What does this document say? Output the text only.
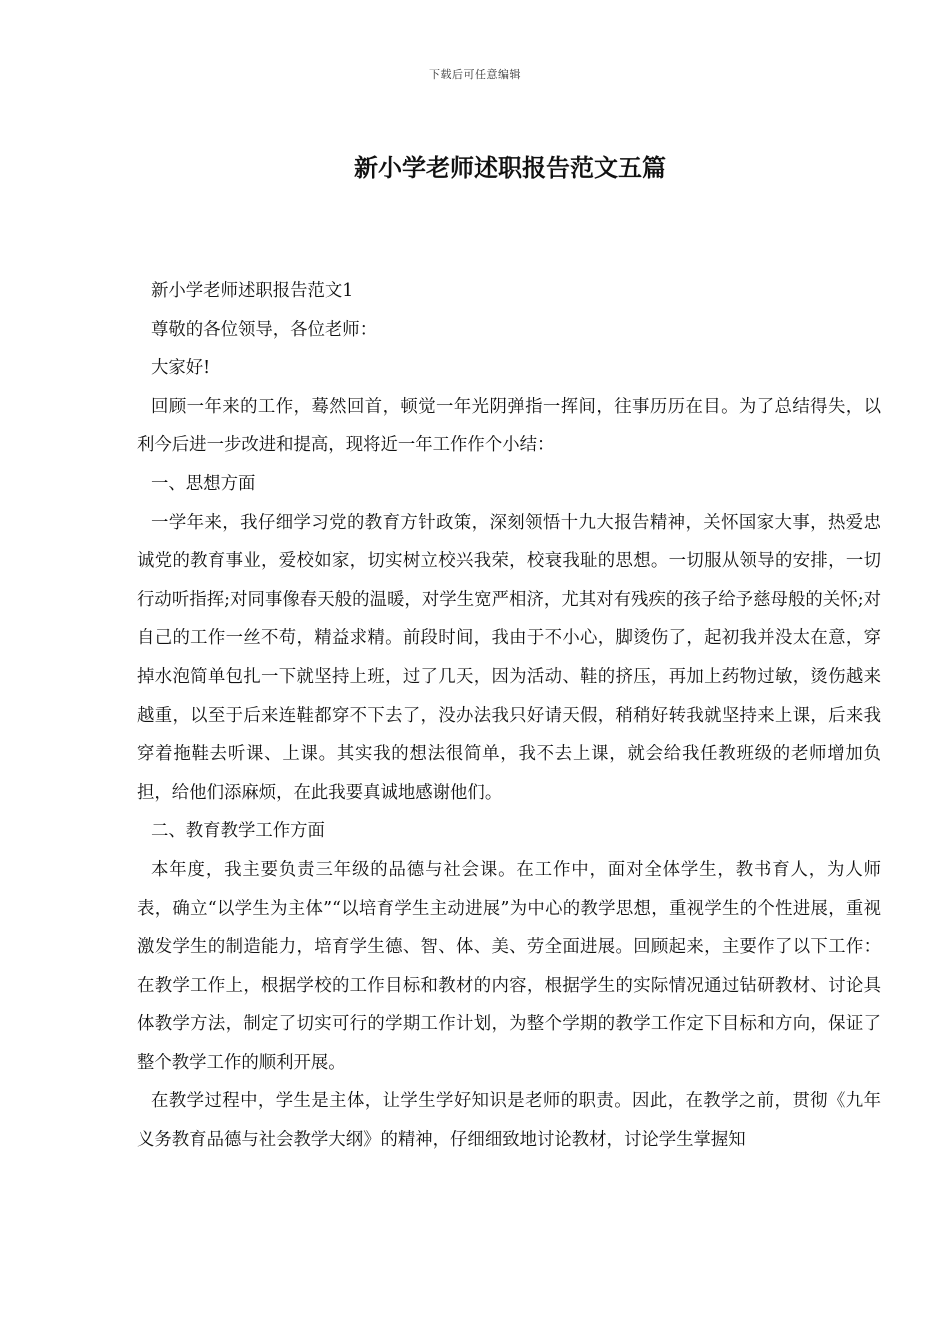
下载后可任意编辑
新小学老师述职报告范文五篇

新小学老师述职报告范文1

尊敬的各位领导，各位老师：

大家好!

回顾一年来的工作，蓦然回首，顿觉一年光阴弹指一挥间，往事历历在目。为了总结得失，以利今后进一步改进和提高，现将近一年工作作个小结：

一、思想方面

一学年来，我仔细学习党的教育方针政策，深刻领悟十九大报告精神，关怀国家大事，热爱忠诚党的教育事业，爱校如家，切实树立校兴我荣，校衰我耻的思想。一切服从领导的安排，一切行动听指挥;对同事像春天般的温暖，对学生宽严相济，尤其对有残疾的孩子给予慈母般的关怀;对自己的工作一丝不苟，精益求精。前段时间，我由于不小心，脚烫伤了，起初我并没太在意，穿掉水泡简单包扎一下就坚持上班，过了几天，因为活动、鞋的挤压，再加上药物过敏，烫伤越来越重，以至于后来连鞋都穿不下去了，没办法我只好请天假，稍稍好转我就坚持来上课，后来我穿着拖鞋去听课、上课。其实我的想法很简单，我不去上课，就会给我任教班级的老师增加负担，给他们添麻烦，在此我要真诚地感谢他们。

二、教育教学工作方面

本年度，我主要负责三年级的品德与社会课。在工作中，面对全体学生，教书育人，为人师表，确立“以学生为主体”“以培育学生主动进展”为中心的教学思想，重视学生的个性进展，重视激发学生的制造能力，培育学生德、智、体、美、劳全面进展。回顾起来，主要作了以下工作：在教学工作上，根据学校的工作目标和教材的内容，根据学生的实际情况通过钻研教材、讨论具体教学方法，制定了切实可行的学期工作计划，为整个学期的教学工作定下目标和方向，保证了整个教学工作的顺利开展。

在教学过程中，学生是主体，让学生学好知识是老师的职责。因此，在教学之前，贯彻《九年义务教育品德与社会教学大纲》的精神，仔细细致地讨论教材，讨论学生掌握知
